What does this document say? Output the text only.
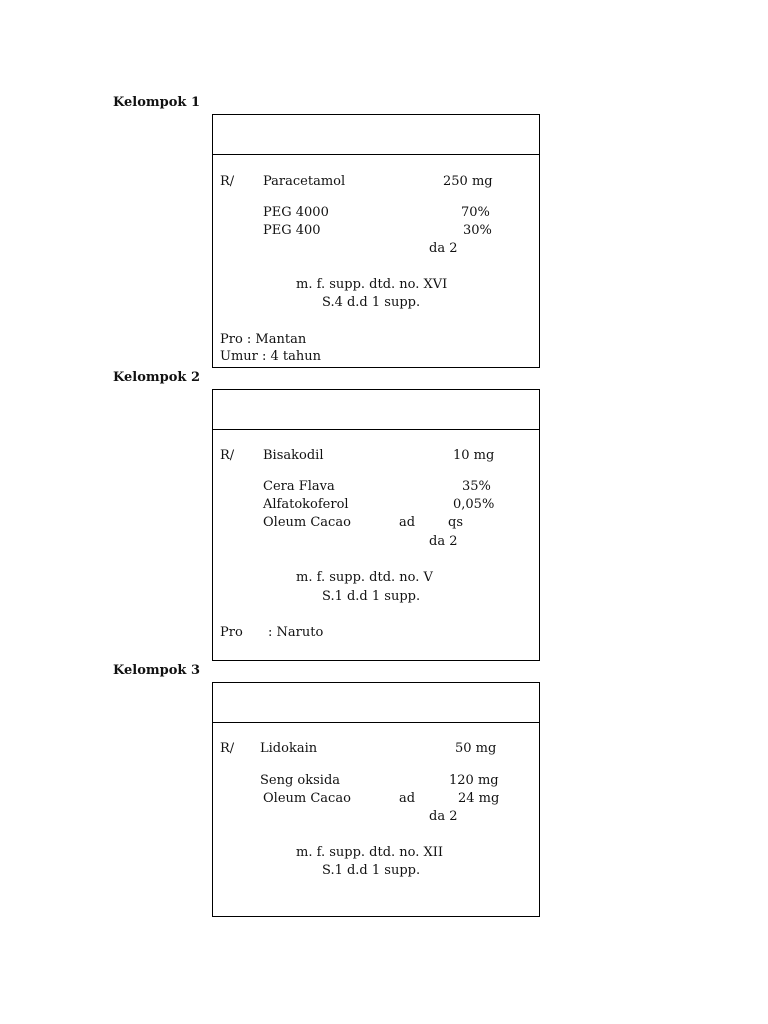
Kelompok 1
R/ Paracetamol	250 mg
PEG 4000	70%
PEG 400	30%
da 2
m. f. supp. dtd. no. XVI
S.4 d.d 1 supp.
Pro : Mantan
Umur : 4 tahun
Kelompok 2
R/ Bisakodil	10 mg
Cera Flava	35%
Alfatokoferol	0,05%
Oleum Cacao	ad	qs
da 2
m. f. supp. dtd. no. V
S.1 d.d 1 supp.
Pro : Naruto
Kelompok 3
R/ Lidokain	50 mg
Seng oksida	120 mg
Oleum Cacao	ad	24 mg
da 2
m. f. supp. dtd. no. XII
S.1 d.d 1 supp.
